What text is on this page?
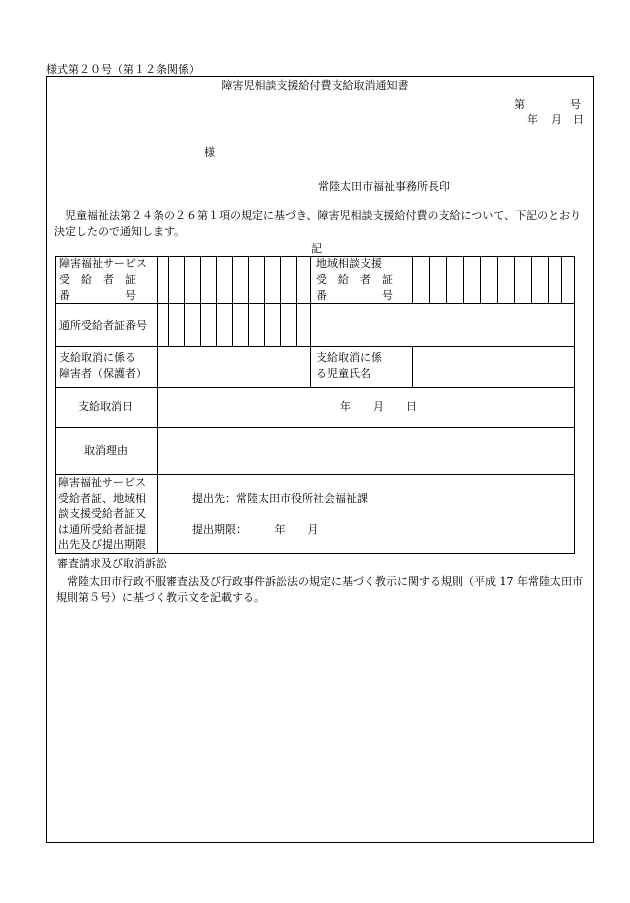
様式第２０号（第１２条関係）
障害児相談支援給付費支給取消通知書
第	号
年 月 日
様
常陸太田市福祉事務所長印
児童福祉法第２４条の２６第１項の規定に基づき、障害児相談支援給付費の支給について、下記のとおり決定したので通知します。
記
障害福祉サービス
受　給　者　証
番　　　　　号
地域相談支援
受　給　者　証
番　　　　　号
通所受給者証番号
支給取消に係る
障害者（保護者）
支給取消に係
る児童氏名
支給取消日	年　　月　　日
取消理由
障害福祉サービス
受給者証、地域相
談支援受給者証又
は通所受給者証提
出先及び提出期限
提出先：常陸太田市役所社会福祉課
提出期限：　　　年　　月
審査請求及び取消訴訟
常陸太田市行政不服審査法及び行政事件訴訟法の規定に基づく教示に関する規則（平成 17 年常陸太田市規則第５号）に基づく教示文を記載する。
